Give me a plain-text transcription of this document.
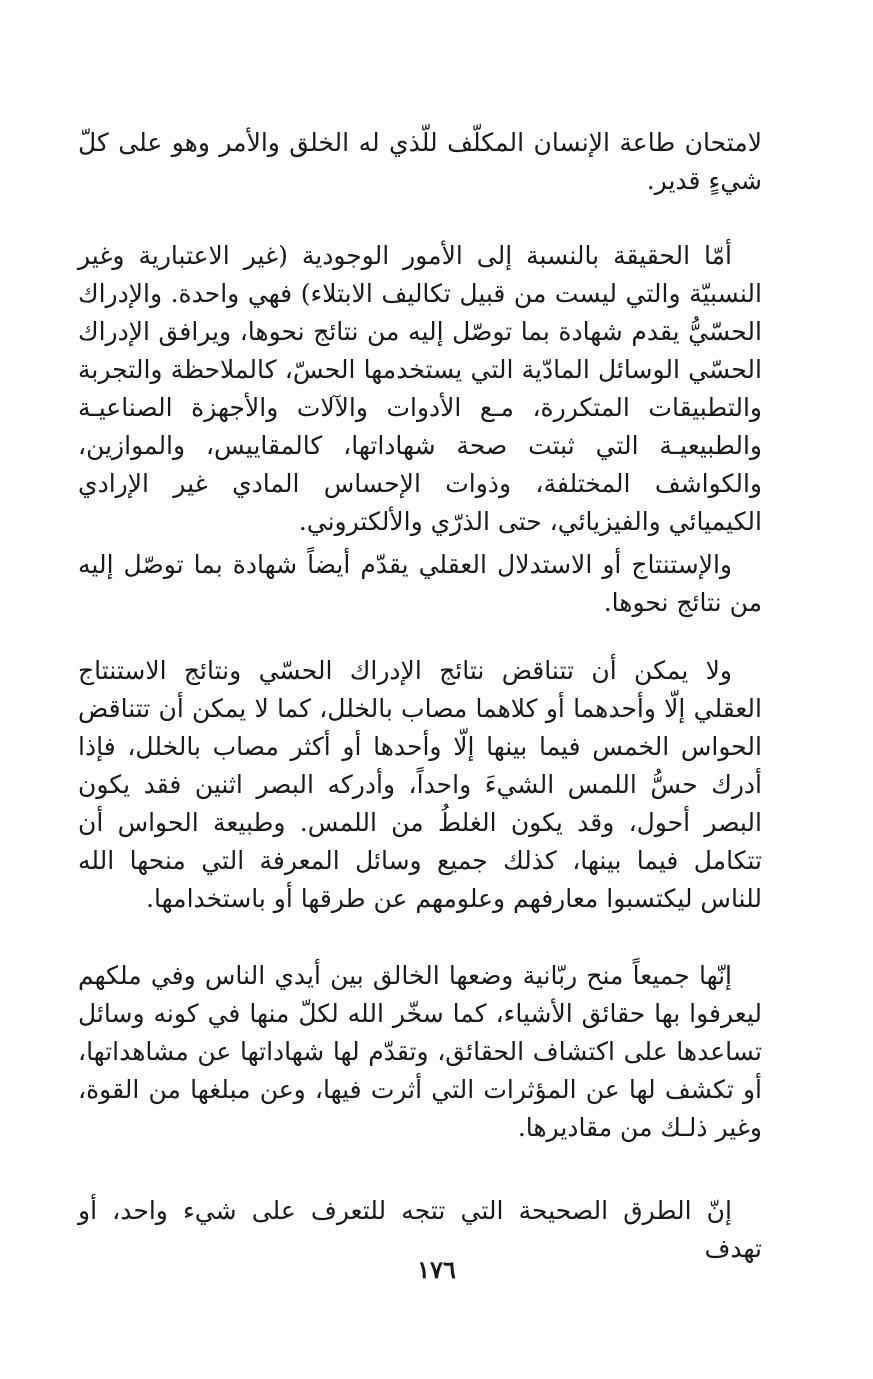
لامتحان طاعة الإنسان المكلّف للّذي له الخلق والأمر وهو على كلّ شيءٍ قدير.

أمّا الحقيقة بالنسبة إلى الأمور الوجودية (غير الاعتبارية وغير النسبيّة والتي ليست من قبيل تكاليف الابتلاء) فهي واحدة. والإدراك الحسّيُّ يقدم شهادة بما توصّل إليه من نتائج نحوها، ويرافق الإدراك الحسّي الوسائل المادّية التي يستخدمها الحسّ، كالملاحظة والتجربة والتطبيقات المتكررة، مـع الأدوات والآلات والأجهزة الصناعيـة والطبيعيـة التي ثبتت صحة شهاداتها، كالمقاييس، والموازين، والكواشف المختلفة، وذوات الإحساس المادي غير الإرادي الكيميائي والفيزيائي، حتى الذرّي والألكتروني.

والإستنتاج أو الاستدلال العقلي يقدّم أيضاً شهادة بما توصّل إليه من نتائج نحوها.

ولا يمكن أن تتناقض نتائج الإدراك الحسّي ونتائج الاستنتاج العقلي إلّا وأحدهما أو كلاهما مصاب بالخلل، كما لا يمكن أن تتناقض الحواس الخمس فيما بينها إلّا وأحدها أو أكثر مصاب بالخلل، فإذا أدرك حسُّ اللمس الشيءَ واحداً، وأدركه البصر اثنين فقد يكون البصر أحول، وقد يكون الغلطُ من اللمس. وطبيعة الحواس أن تتكامل فيما بينها، كذلك جميع وسائل المعرفة التي منحها الله للناس ليكتسبوا معارفهم وعلومهم عن طرقها أو باستخدامها.

إنّها جميعاً منح ربّانية وضعها الخالق بين أيدي الناس وفي ملكهم ليعرفوا بها حقائق الأشياء، كما سخّر الله لكلّ منها في كونه وسائل تساعدها على اكتشاف الحقائق، وتقدّم لها شهاداتها عن مشاهداتها، أو تكشف لها عن المؤثرات التي أثرت فيها، وعن مبلغها من القوة، وغير ذلـك من مقاديرها.

إنّ الطرق الصحيحة التي تتجه للتعرف على شيء واحد، أو تهدف

١٧٦
